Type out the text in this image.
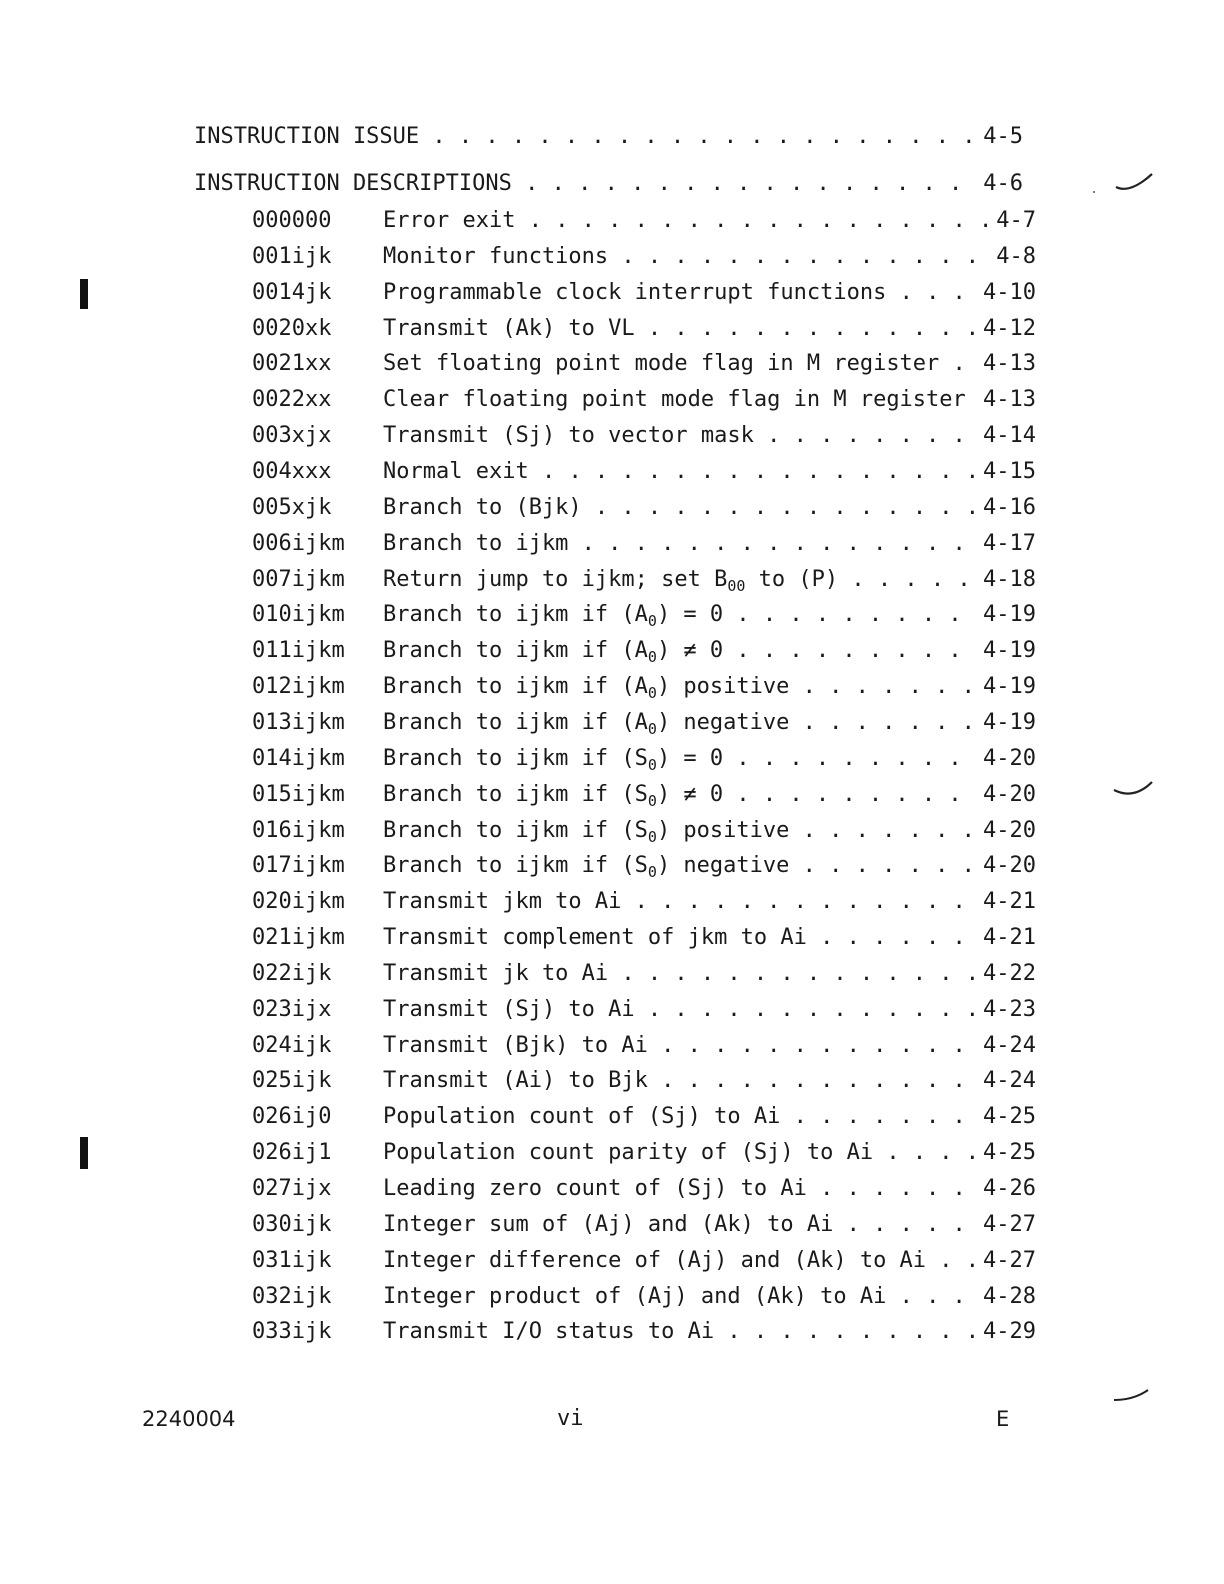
INSTRUCTION ISSUE . . .	4-5
INSTRUCTION DESCRIPTIONS . . .	4-6
000000 Error exit . . .	4-7
001ijk Monitor functions . . .	4-8
0014jk Programmable clock interrupt functions . . .	4-10
0020xk Transmit (Ak) to VL . . .	4-12
0021xx Set floating point mode flag in M register . . .	4-13
0022xx Clear floating point mode flag in M register . . . 4-13
003xjx Transmit (Sj) to vector mask . . .	4-14
004xxx Normal exit . . .	4-15
005xjk Branch to (Bjk) . . .	4-16
006ijkm Branch to ijkm . . .	4-17
007ijkm Return jump to ijkm; set $B_{00}$ to (P) . . .	4-18
010ijkm Branch to ijkm if $(A_0) = 0$ . . .	4-19
011ijkm Branch to ijkm if $(A_0) \ne 0$ . . .	4-19
012ijkm Branch to ijkm if $(A_0)$ positive . . .	4-19
013ijkm Branch to ijkm if $(A_0)$ negative . . .	4-19
014ijkm Branch to ijkm if $(S_0) = 0$ . . .	4-20
015ijkm Branch to ijkm if $(S_0) \ne 0$ . . .	4-20
016ijkm Branch to ijkm if $(S_0)$ positive . . .	4-20
017ijkm Branch to ijkm if $(S_0)$ negative . . .	4-20
020ijkm Transmit jkm to Ai . . .	4-21
021ijkm Transmit complement of jkm to Ai . . .	4-21
022ijk Transmit jk to Ai . . .	4-22
023ijx Transmit (Sj) to Ai . . .	4-23
024ijk Transmit (Bjk) to Ai . . .	4-24
025ijk Transmit (Ai) to Bjk . . .	4-24
026ij0 Population count of (Sj) to Ai . . .	4-25
026ij1 Population count parity of (Sj) to Ai . . .	4-25
027ijx Leading zero count of (Sj) to Ai . . .	4-26
030ijk Integer sum of (Aj) and (Ak) to Ai . . .	4-27
031ijk Integer difference of (Aj) and (Ak) to Ai . . .	4-27
032ijk Integer product of (Aj) and (Ak) to Ai . . .	4-28
033ijk Transmit I/O status to Ai . . .	4-29
2240004	vi	E
